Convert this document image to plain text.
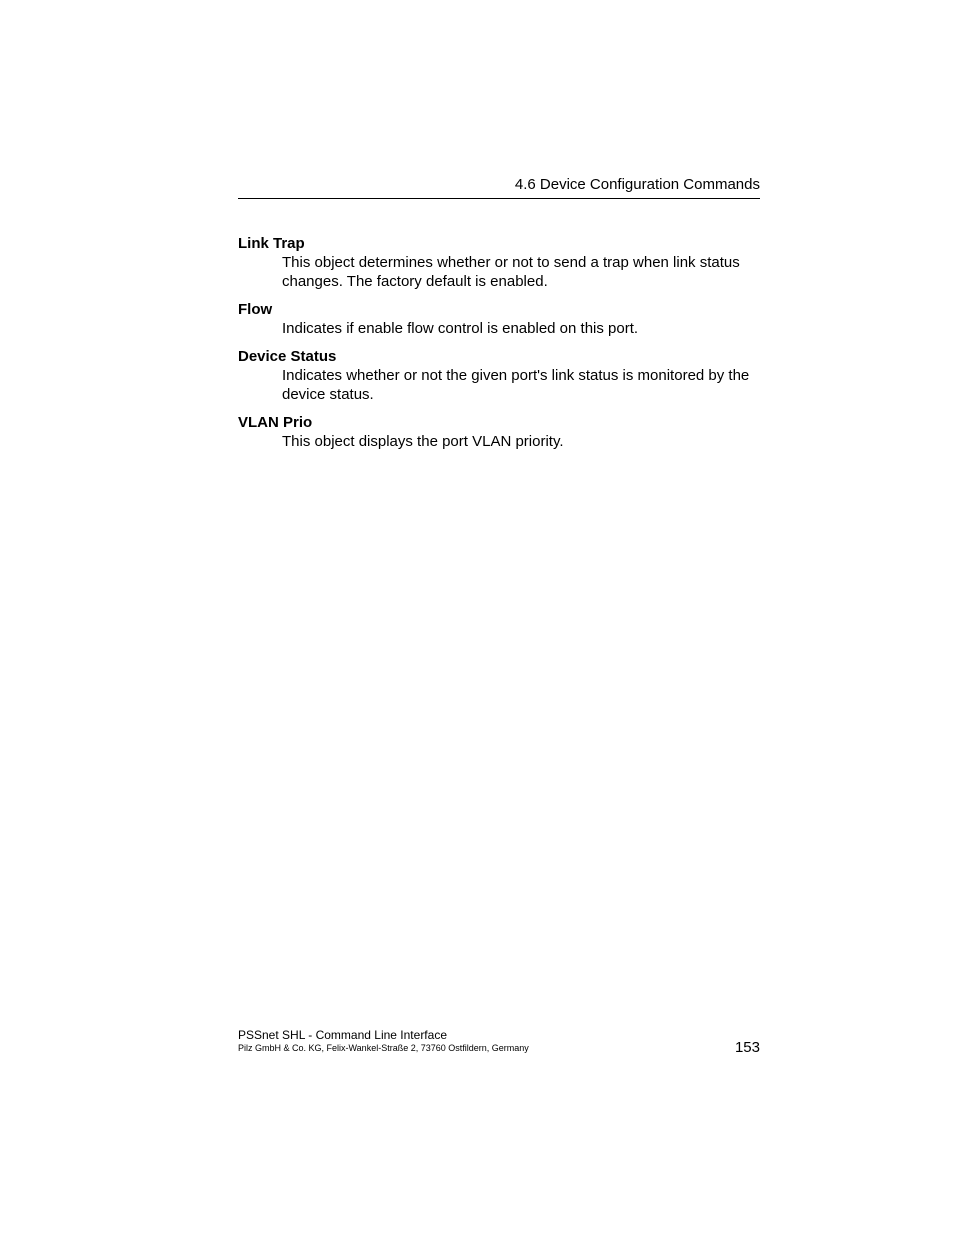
4.6 Device Configuration Commands
Link Trap
This object determines whether or not to send a trap when link status changes. The factory default is enabled.
Flow
Indicates if enable flow control is enabled on this port.
Device Status
Indicates whether or not the given port's link status is monitored by the device status.
VLAN Prio
This object displays the port VLAN priority.
PSSnet SHL - Command Line Interface
Pilz GmbH & Co. KG, Felix-Wankel-Straße 2, 73760 Ostfildern, Germany	153
